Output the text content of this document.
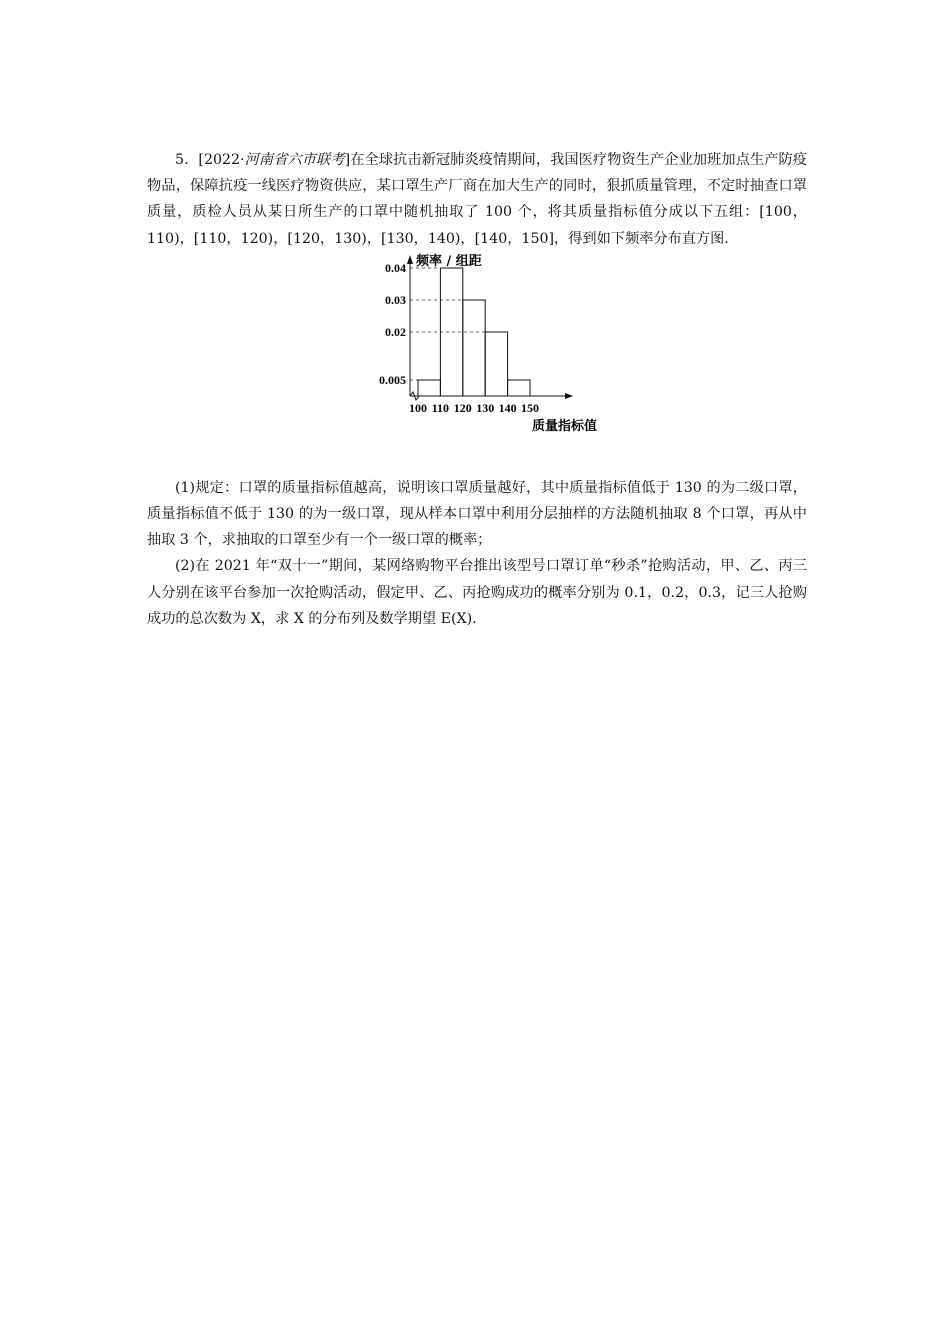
5．[2022·河南省六市联考]在全球抗击新冠肺炎疫情期间，我国医疗物资生产企业加班加点生产防疫物品，保障抗疫一线医疗物资供应，某口罩生产厂商在加大生产的同时，狠抓质量管理，不定时抽查口罩质量，质检人员从某日所生产的口罩中随机抽取了 100 个，将其质量指标值分成以下五组：[100，110)，[110，120)，[120，130)，[130，140)，[140，150]，得到如下频率分布直方图.

0.005
0.02
0.03
0.04
100 110 120 130 140 150
频率 / 组距
质量指标值

(1)规定：口罩的质量指标值越高，说明该口罩质量越好，其中质量指标值低于 130 的为二级口罩，质量指标值不低于 130 的为一级口罩，现从样本口罩中利用分层抽样的方法随机抽取 8 个口罩，再从中抽取 3 个，求抽取的口罩至少有一个一级口罩的概率；

(2)在 2021 年“双十一”期间，某网络购物平台推出该型号口罩订单“秒杀”抢购活动，甲、乙、丙三人分别在该平台参加一次抢购活动，假定甲、乙、丙抢购成功的概率分别为 0.1，0.2，0.3，记三人抢购成功的总次数为 X，求 X 的分布列及数学期望 E(X).
